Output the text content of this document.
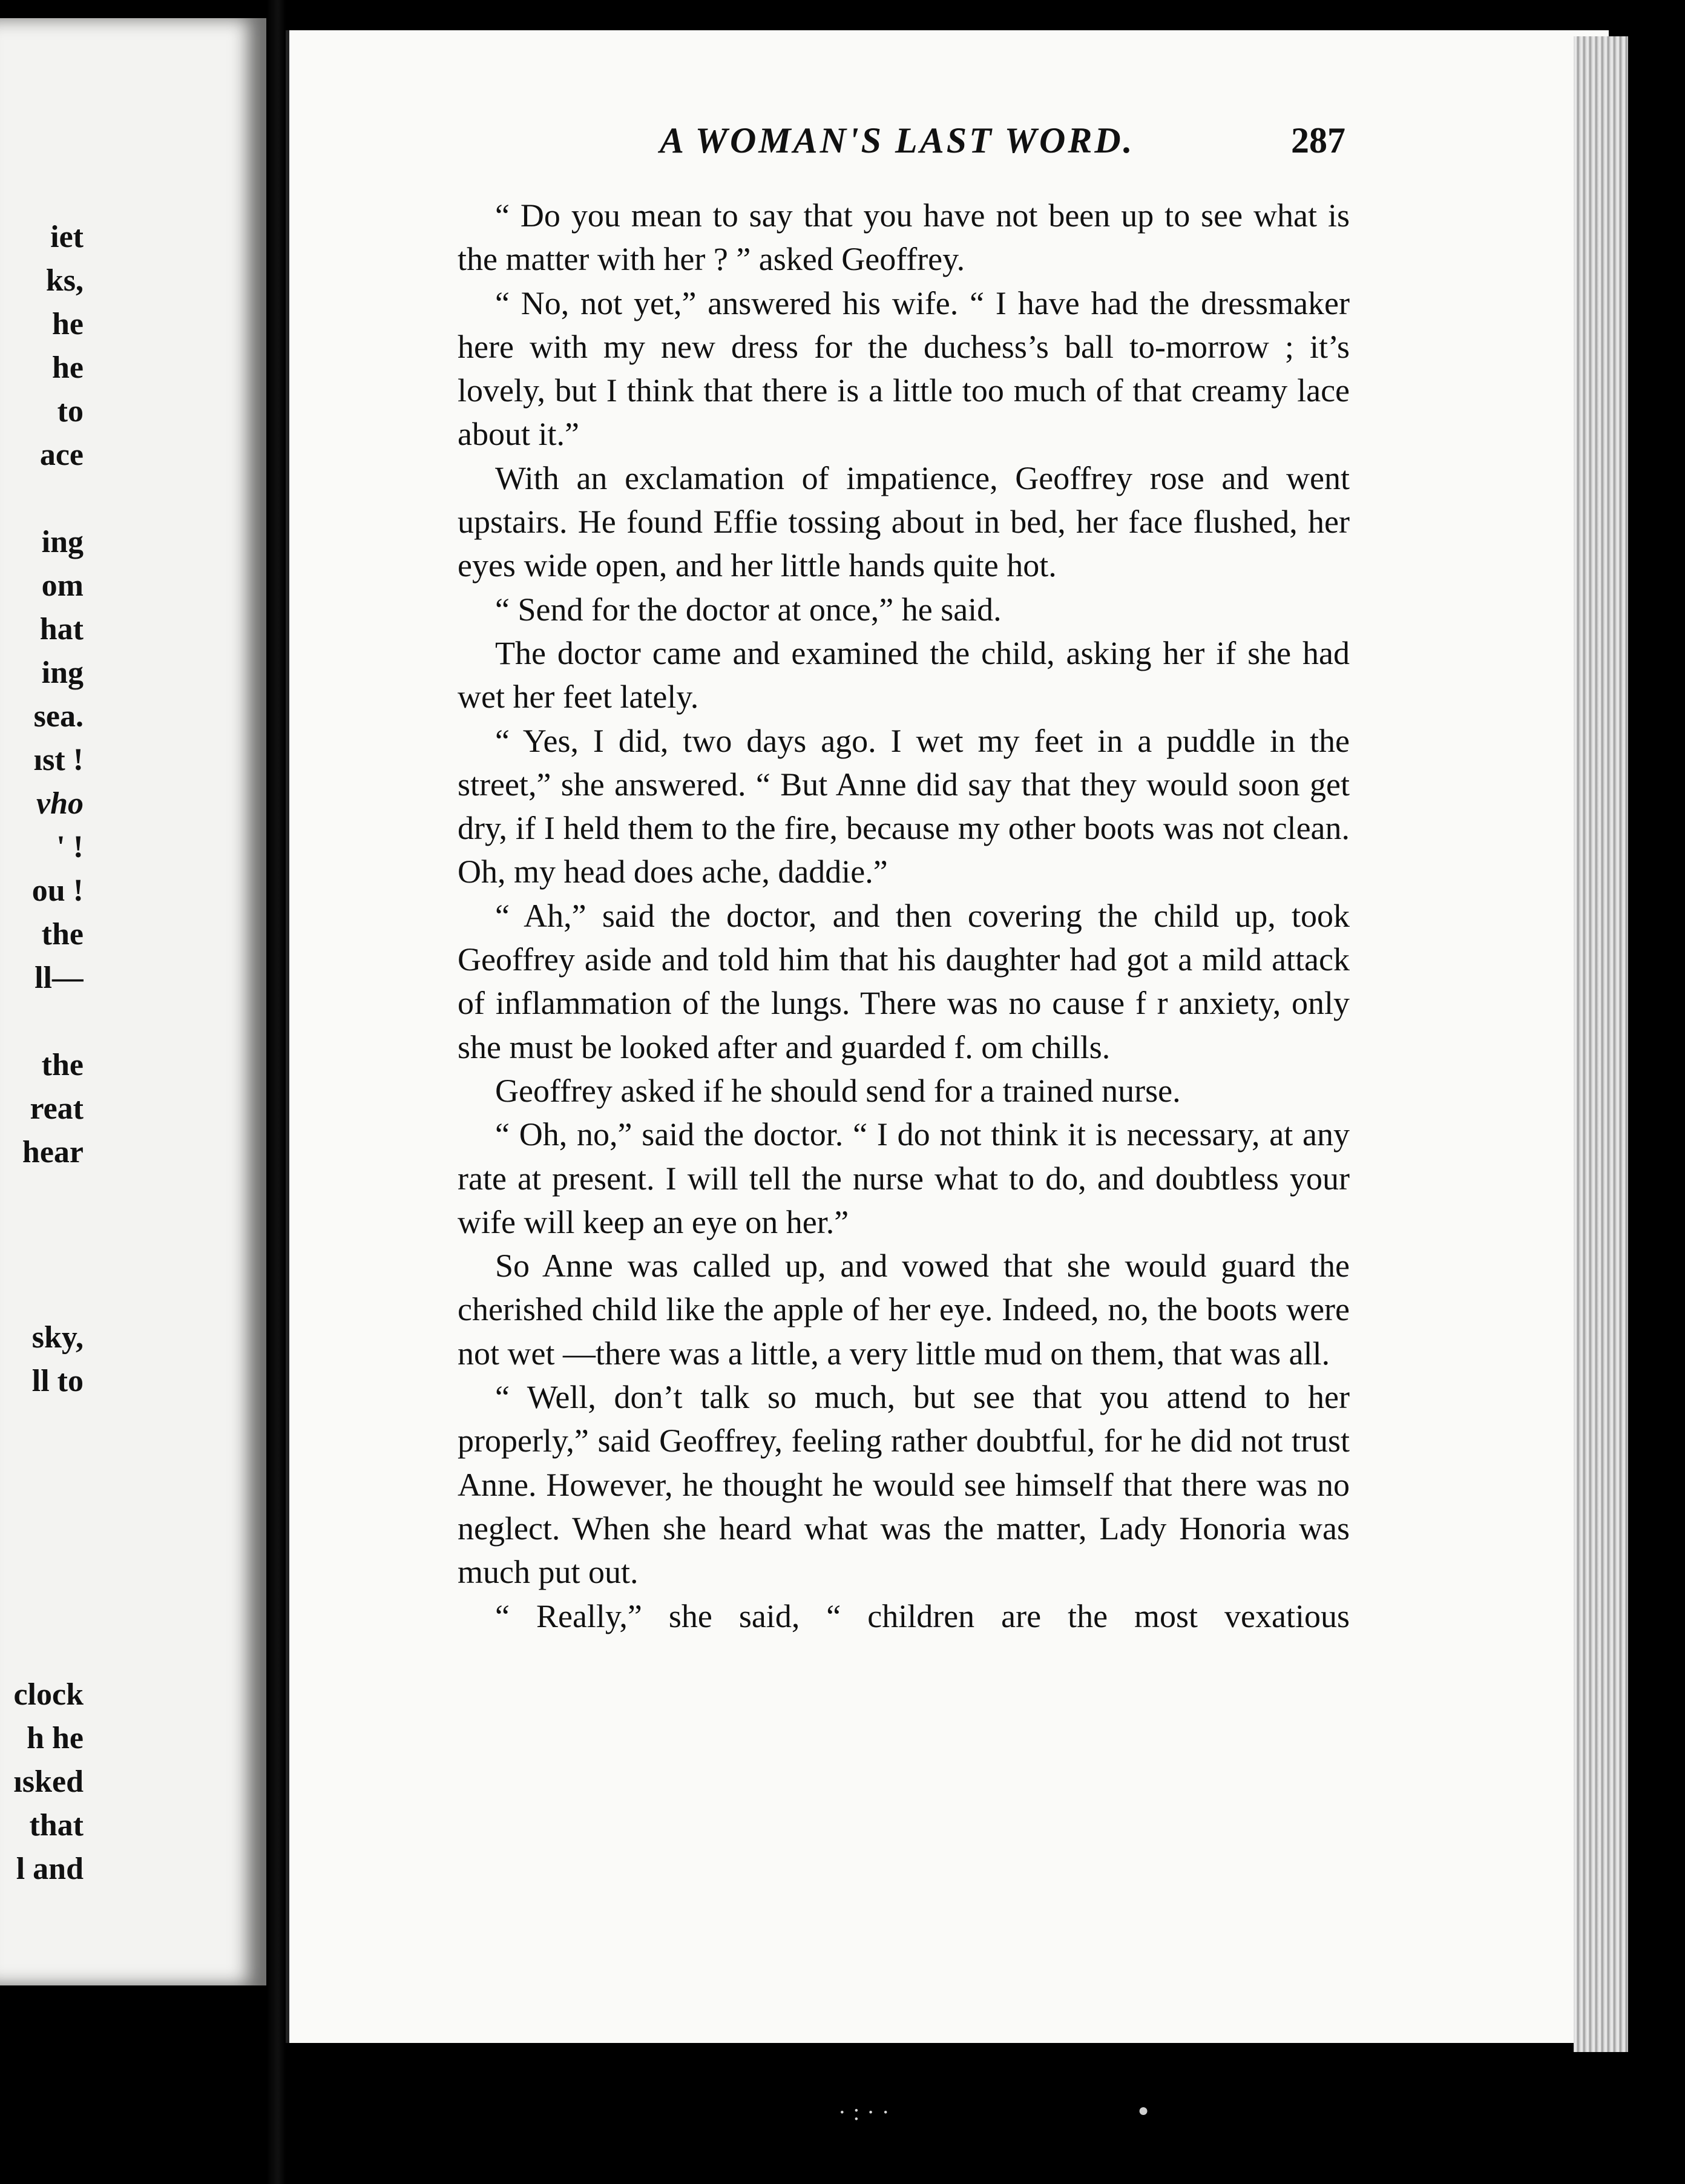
iet
ks,
he
he
to
ace
ing
om
hat
ing
sea.
ıst !
vho
' !
ou !
the
ll—
the
reat
hear
sky,
ll to
clock
h he
ısked
that
l and
A WOMAN'S LAST WORD.	287

“ Do you mean to say that you have not been up to see what is the matter with her ? ” asked Geoffrey.

“ No, not yet,” answered his wife. “ I have had the dressmaker here with my new dress for the duchess’s ball to-morrow ; it’s lovely, but I think that there is a little too much of that creamy lace about it.”

With an exclamation of impatience, Geoffrey rose and went upstairs. He found Effie tossing about in bed, her face flushed, her eyes wide open, and her little hands quite hot.

“ Send for the doctor at once,” he said.

The doctor came and examined the child, asking her if she had wet her feet lately.

“ Yes, I did, two days ago. I wet my feet in a puddle in the street,” she answered. “ But Anne did say that they would soon get dry, if I held them to the fire, because my other boots was not clean. Oh, my head does ache, daddie.”

“ Ah,” said the doctor, and then covering the child up, took Geoffrey aside and told him that his daughter had got a mild attack of inflammation of the lungs. There was no cause f r anxiety, only she must be looked after and guarded f. om chills.

Geoffrey asked if he should send for a trained nurse.

“ Oh, no,” said the doctor. “ I do not think it is necessary, at any rate at present. I will tell the nurse what to do, and doubtless your wife will keep an eye on her.”

So Anne was called up, and vowed that she would guard the cherished child like the apple of her eye. Indeed, no, the boots were not wet —there was a little, a very little mud on them, that was all.

“ Well, don’t talk so much, but see that you attend to her properly,” said Geoffrey, feeling rather doubtful, for he did not trust Anne. However, he thought he would see himself that there was no neglect. When she heard what was the matter, Lady Honoria was much put out.

“ Really,” she said, “ children are the most vexatious

·:··	●
